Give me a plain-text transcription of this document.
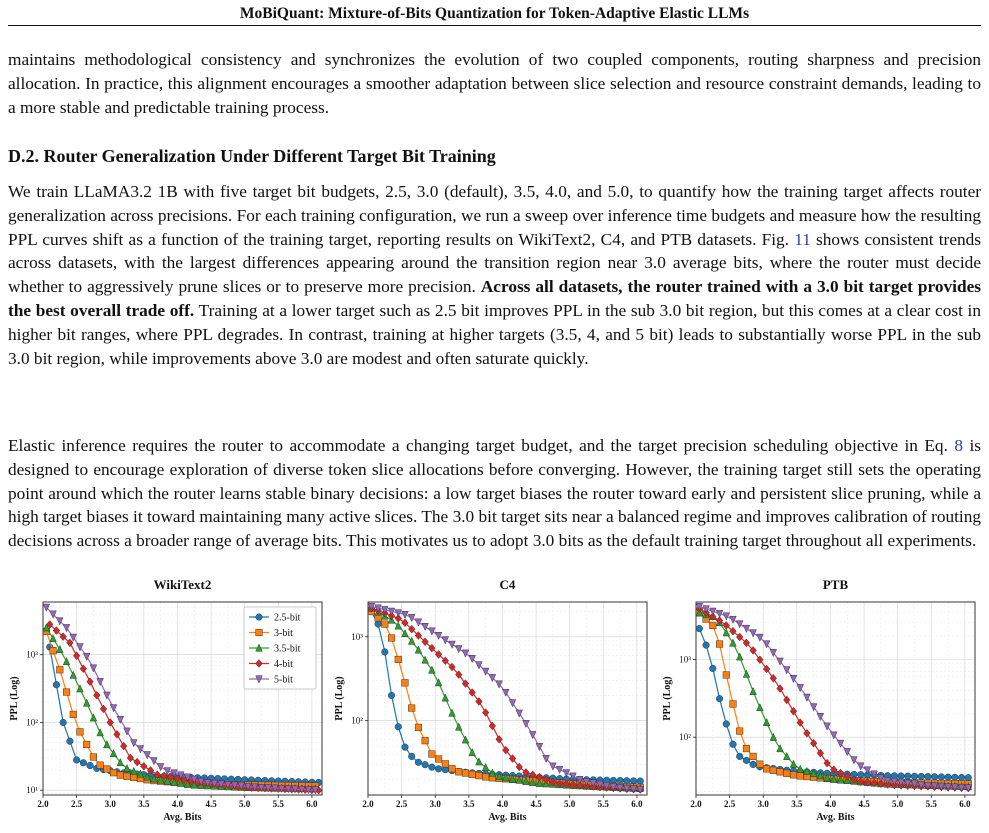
MoBiQuant: Mixture-of-Bits Quantization for Token-Adaptive Elastic LLMs
maintains methodological consistency and synchronizes the evolution of two coupled components, routing sharpness and precision allocation. In practice, this alignment encourages a smoother adaptation between slice selection and resource constraint demands, leading to a more stable and predictable training process.
D.2. Router Generalization Under Different Target Bit Training
We train LLaMA3.2 1B with five target bit budgets, 2.5, 3.0 (default), 3.5, 4.0, and 5.0, to quantify how the training target affects router generalization across precisions. For each training configuration, we run a sweep over inference time budgets and measure how the resulting PPL curves shift as a function of the training target, reporting results on WikiText2, C4, and PTB datasets. Fig. 11 shows consistent trends across datasets, with the largest differences appearing around the transition region near 3.0 average bits, where the router must decide whether to aggressively prune slices or to preserve more precision. Across all datasets, the router trained with a 3.0 bit target provides the best overall trade off. Training at a lower target such as 2.5 bit improves PPL in the sub 3.0 bit region, but this comes at a clear cost in higher bit ranges, where PPL degrades. In contrast, training at higher targets (3.5, 4, and 5 bit) leads to substantially worse PPL in the sub 3.0 bit region, while improvements above 3.0 are modest and often saturate quickly.
Elastic inference requires the router to accommodate a changing target budget, and the target precision scheduling objective in Eq. 8 is designed to encourage exploration of diverse token slice allocations before converging. However, the training target still sets the operating point around which the router learns stable binary decisions: a low target biases the router toward early and persistent slice pruning, while a high target biases it toward maintaining many active slices. The 3.0 bit target sits near a balanced regime and improves calibration of routing decisions across a broader range of average bits. This motivates us to adopt 3.0 bits as the default training target throughout all experiments.
WikiText2
Avg. Bits
PPL (Log)
2.0 2.5 3.0 3.5 4.0 4.5 5.0 5.5 6.0
10¹
10²
10³
2.5-bit
3-bit
3.5-bit
4-bit
5-bit
C4
Avg. Bits
PPL (Log)
2.0 2.5 3.0 3.5 4.0 4.5 5.0 5.5 6.0
10²
10³
PTB
Avg. Bits
PPL (Log)
2.0 2.5 3.0 3.5 4.0 4.5 5.0 5.5 6.0
10²
10³
